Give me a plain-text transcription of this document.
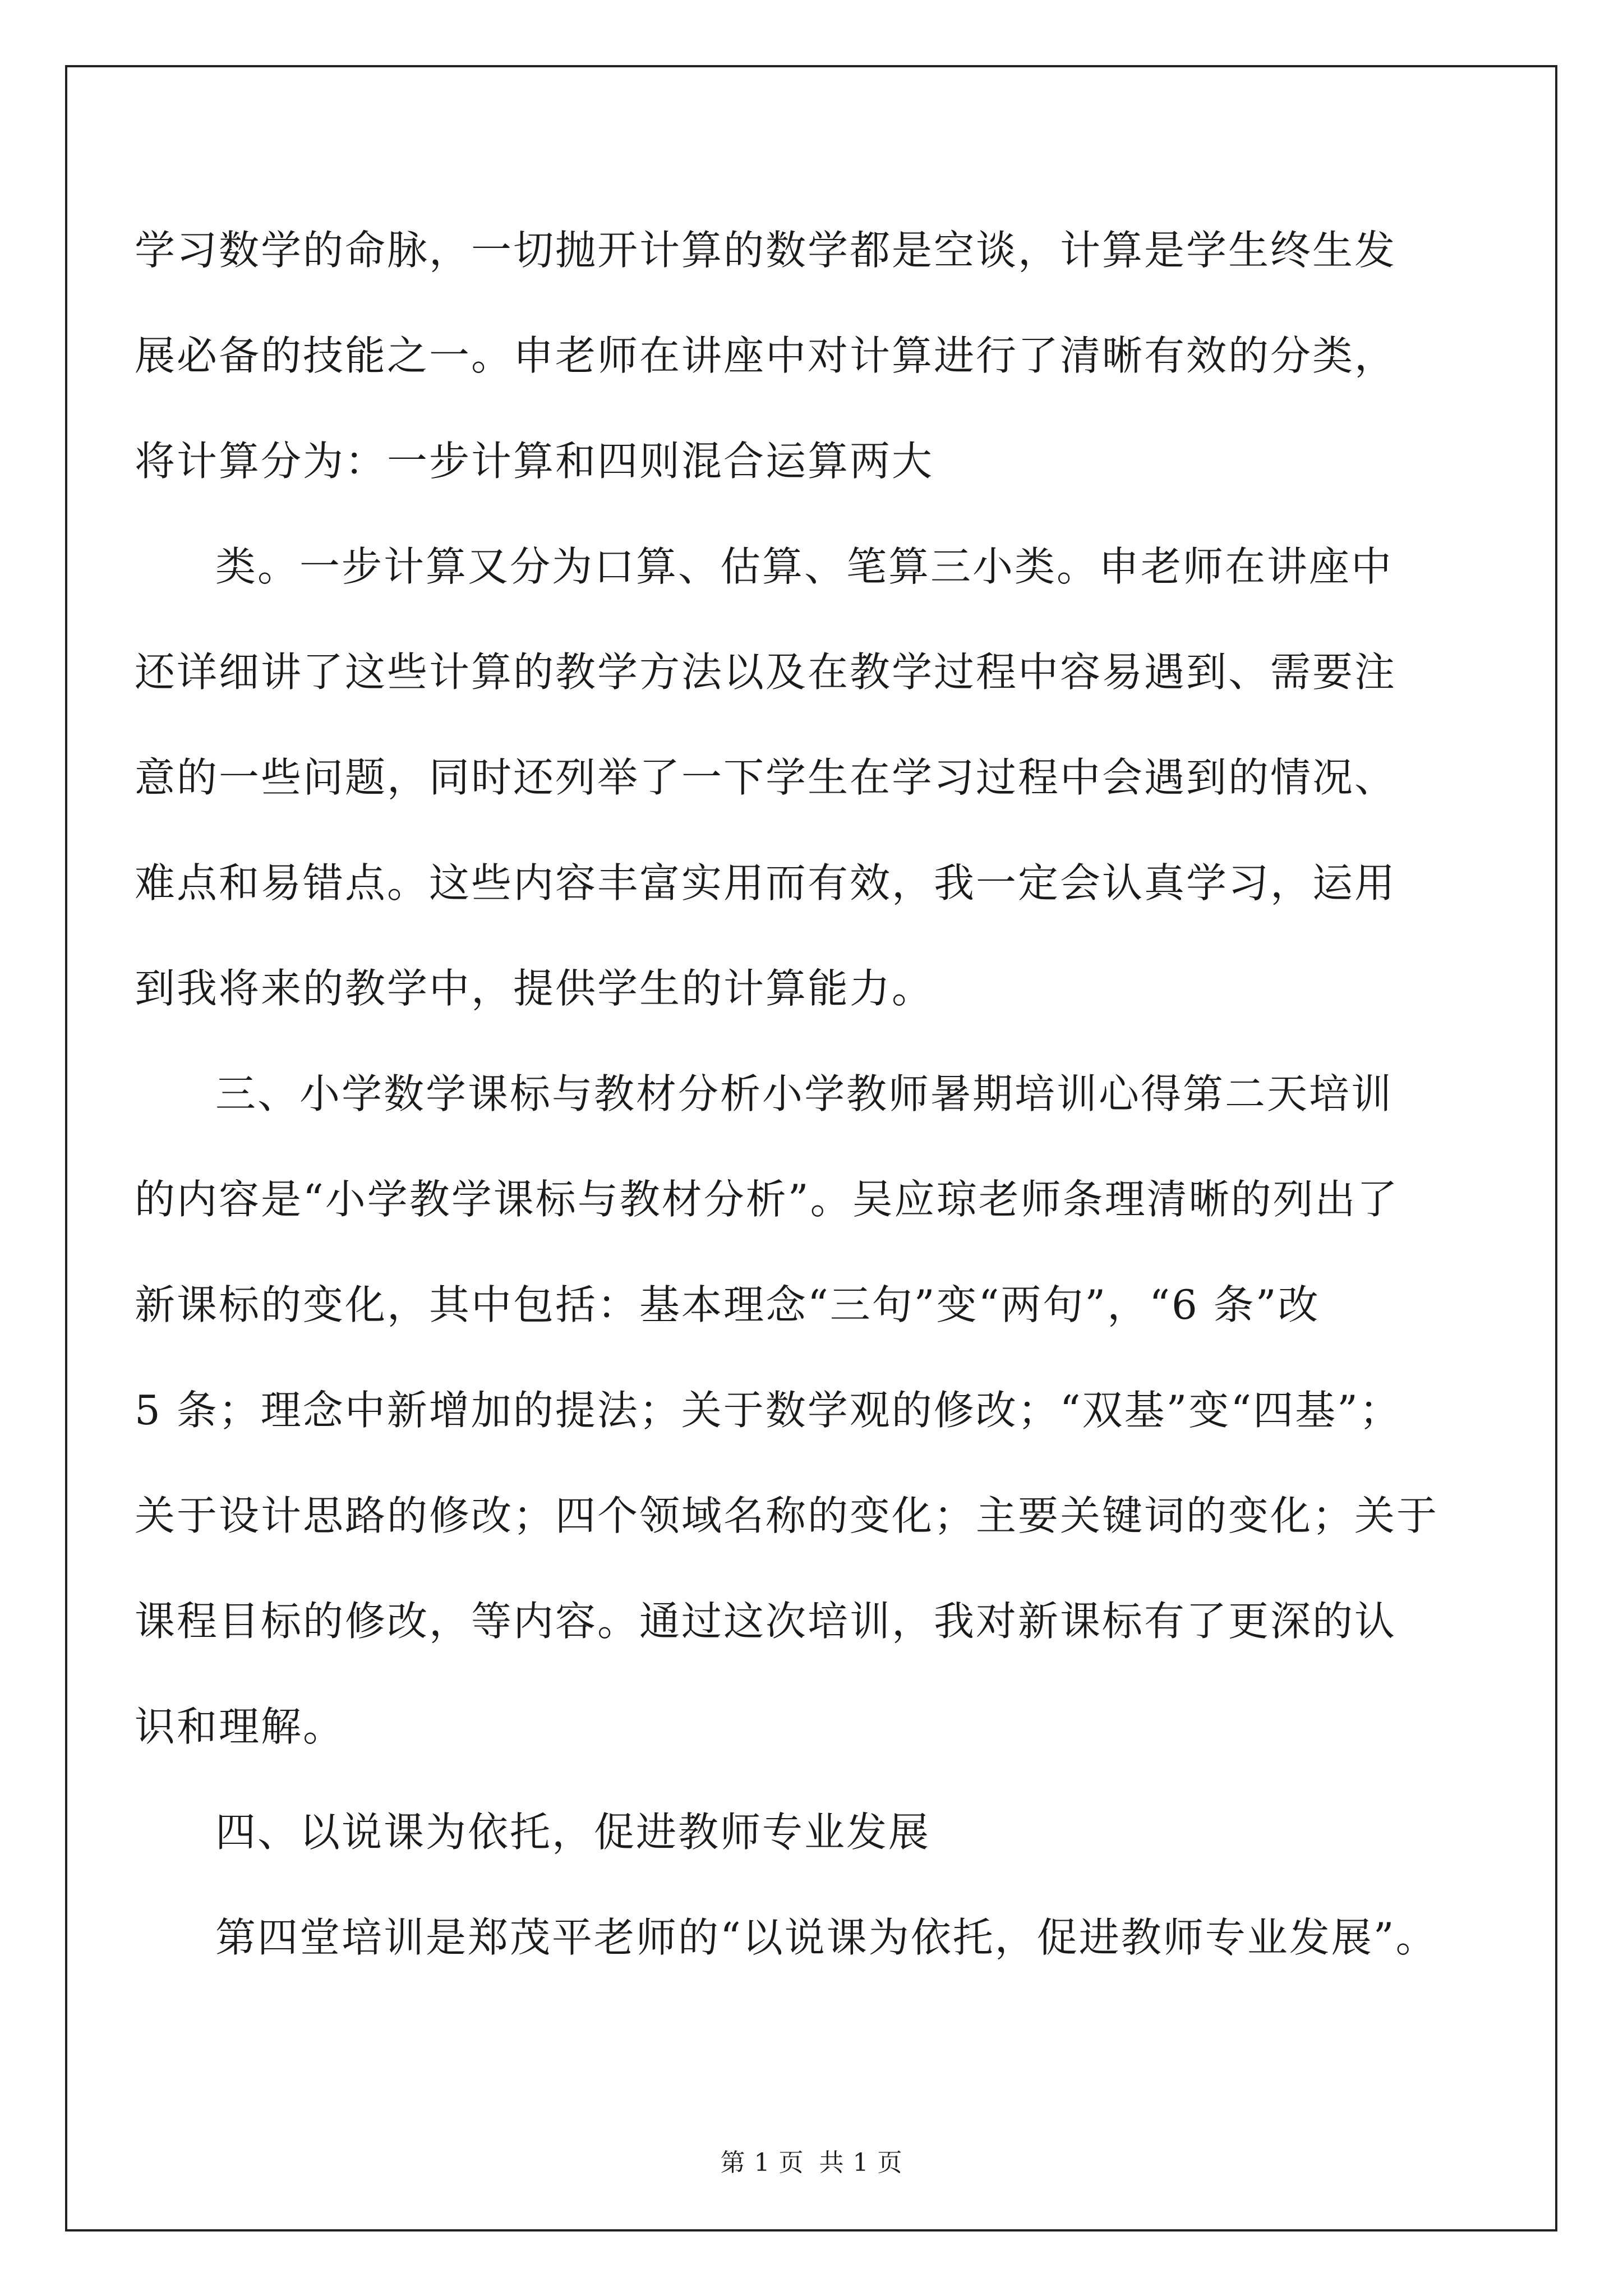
学习数学的命脉，一切抛开计算的数学都是空谈，计算是学生终生发
展必备的技能之一。申老师在讲座中对计算进行了清晰有效的分类，
将计算分为：一步计算和四则混合运算两大
类。一步计算又分为口算、估算、笔算三小类。申老师在讲座中
还详细讲了这些计算的教学方法以及在教学过程中容易遇到、需要注
意的一些问题，同时还列举了一下学生在学习过程中会遇到的情况、
难点和易错点。这些内容丰富实用而有效，我一定会认真学习，运用
到我将来的教学中，提供学生的计算能力。
三、小学数学课标与教材分析小学教师暑期培训心得第二天培训
的内容是“小学教学课标与教材分析”。吴应琼老师条理清晰的列出了
新课标的变化，其中包括：基本理念“三句”变“两句”，“6 条”改
5 条；理念中新增加的提法；关于数学观的修改；“双基”变“四基”；
关于设计思路的修改；四个领域名称的变化；主要关键词的变化；关于
课程目标的修改，等内容。通过这次培训，我对新课标有了更深的认
识和理解。
四、以说课为依托，促进教师专业发展
第四堂培训是郑茂平老师的“以说课为依托，促进教师专业发展”。
第 1 页 共 1 页
